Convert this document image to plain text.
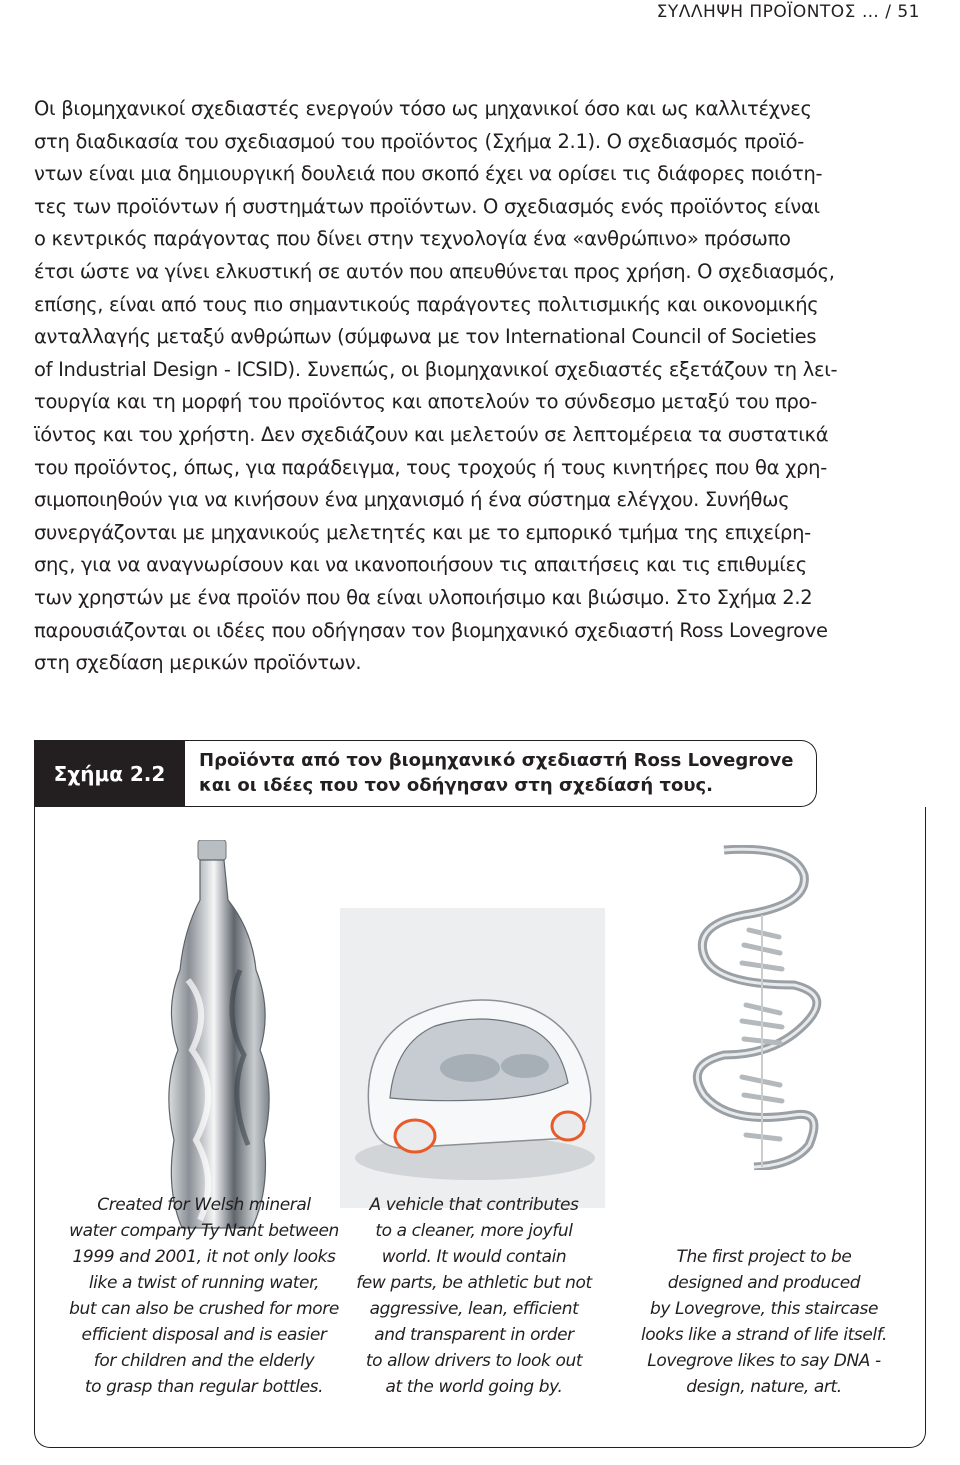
ΣΥΛΛΗΨΗ ΠΡΟΪΟΝΤΟΣ … / 51
Οι βιομηχανικοί σχεδιαστές ενεργούν τόσο ως μηχανικοί όσο και ως καλλιτέχνες
στη διαδικασία του σχεδιασμού του προϊόντος (Σχήμα 2.1). Ο σχεδιασμός προϊό-
ντων είναι μια δημιουργική δουλειά που σκοπό έχει να ορίσει τις διάφορες ποιότη-
τες των προϊόντων ή συστημάτων προϊόντων. Ο σχεδιασμός ενός προϊόντος είναι
ο κεντρικός παράγοντας που δίνει στην τεχνολογία ένα «ανθρώπινο» πρόσωπο
έτσι ώστε να γίνει ελκυστική σε αυτόν που απευθύνεται προς χρήση. Ο σχεδιασμός,
επίσης, είναι από τους πιο σημαντικούς παράγοντες πολιτισμικής και οικονομικής
ανταλλαγής μεταξύ ανθρώπων (σύμφωνα με τον International Council of Societies
of Industrial Design - ICSID). Συνεπώς, οι βιομηχανικοί σχεδιαστές εξετάζουν τη λει-
τουργία και τη μορφή του προϊόντος και αποτελούν το σύνδεσμο μεταξύ του προ-
ϊόντος και του χρήστη. Δεν σχεδιάζουν και μελετούν σε λεπτομέρεια τα συστατικά
του προϊόντος, όπως, για παράδειγμα, τους τροχούς ή τους κινητήρες που θα χρη-
σιμοποιηθούν για να κινήσουν ένα μηχανισμό ή ένα σύστημα ελέγχου. Συνήθως
συνεργάζονται με μηχανικούς μελετητές και με το εμπορικό τμήμα της επιχείρη-
σης, για να αναγνωρίσουν και να ικανοποιήσουν τις απαιτήσεις και τις επιθυμίες
των χρηστών με ένα προϊόν που θα είναι υλοποιήσιμο και βιώσιμο. Στο Σχήμα 2.2
παρουσιάζονται οι ιδέες που οδήγησαν τον βιομηχανικό σχεδιαστή Ross Lovegrove
στη σχεδίαση μερικών προϊόντων.
Σχήμα 2.2
Προϊόντα από τον βιομηχανικό σχεδιαστή Ross Lovegrove
και οι ιδέες που τον οδήγησαν στη σχεδίασή τους.
Created for Welsh mineral
water company Ty Nant between
1999 and 2001, it not only looks
like a twist of running water,
but can also be crushed for more
efficient disposal and is easier
for children and the elderly
to grasp than regular bottles.
A vehicle that contributes
to a cleaner, more joyful
world. It would contain
few parts, be athletic but not
aggressive, lean, efficient
and transparent in order
to allow drivers to look out
at the world going by.
The first project to be
designed and produced
by Lovegrove, this staircase
looks like a strand of life itself.
Lovegrove likes to say DNA -
design, nature, art.
